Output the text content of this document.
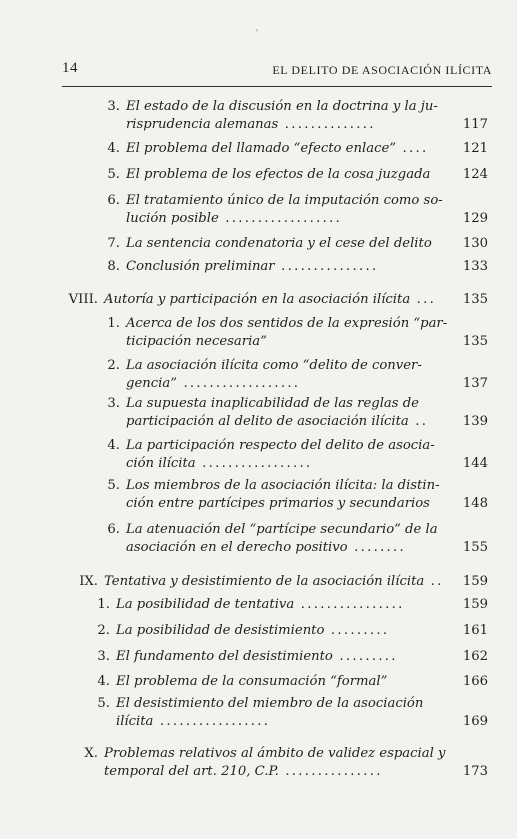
14	EL DELITO DE ASOCIACIÓN ILÍCITA
3. El estado de la discusión en la doctrina y la ju-
risprudencia alemanas ..............	117
4. El problema del llamado “efecto enlace” ....	121
5. El problema de los efectos de la cosa juzgada	124
6. El tratamiento único de la imputación como so-
lución posible ..................	129
7. La sentencia condenatoria y el cese del delito	130
8. Conclusión preliminar ...............	133
VIII. Autoría y participación en la asociación ilícita ...	135
1. Acerca de los dos sentidos de la expresión “par-
ticipación necesaria”	135
2. La asociación ilícita como “delito de conver-
gencia” ..................	137
3. La supuesta inaplicabilidad de las reglas de
participación al delito de asociación ilícita ..	139
4. La participación respecto del delito de asocia-
ción ilícita .................	144
5. Los miembros de la asociación ilícita: la distin-
ción entre partícipes primarios y secundarios	148
6. La atenuación del “partícipe secundario” de la
asociación en el derecho positivo ........	155
IX. Tentativa y desistimiento de la asociación ilícita ..	159
1. La posibilidad de tentativa ................	159
2. La posibilidad de desistimiento .........	161
3. El fundamento del desistimiento .........	162
4. El problema de la consumación “formal”	166
5. El desistimiento del miembro de la asociación
ilícita .................	169
X. Problemas relativos al ámbito de validez espacial y
temporal del art. 210, C.P. ...............	173
`
